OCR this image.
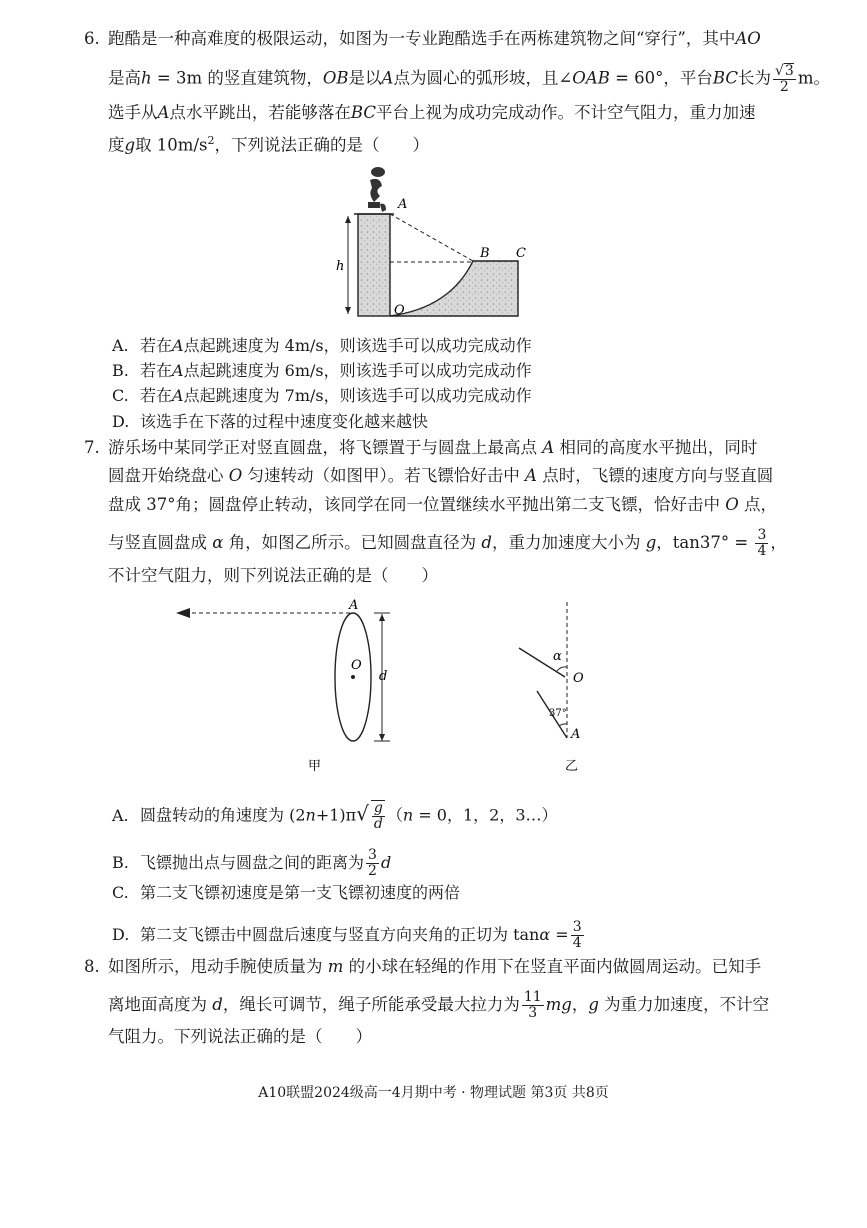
6. 跑酷是一种高难度的极限运动，如图为一专业跑酷选手在两栋建筑物之间“穿行”，其中AO
是高h = 3m 的竖直建筑物，OB是以A点为圆心的弧形坡，且∠OAB = 60°，平台BC长为 $\frac{√3}{2}$ m。
选手从A点水平跳出，若能够落在BC平台上视为成功完成动作。不计空气阻力，重力加速
度g取 $10m/s^2$，下列说法正确的是（　　）
A
B C
O
h
A. 若在A点起跳速度为 4m/s，则该选手可以成功完成动作
B. 若在A点起跳速度为 6m/s，则该选手可以成功完成动作
C. 若在A点起跳速度为 7m/s，则该选手可以成功完成动作
D. 该选手在下落的过程中速度变化越来越快
7. 游乐场中某同学正对竖直圆盘，将飞镖置于与圆盘上最高点 A 相同的高度水平抛出，同时
圆盘开始绕盘心 O 匀速转动（如图甲）。若飞镖恰好击中 A 点时，飞镖的速度方向与竖直圆
盘成 37°角；圆盘停止转动，该同学在同一位置继续水平抛出第二支飞镖，恰好击中 O 点，
与竖直圆盘成 α 角，如图乙所示。已知圆盘直径为 d，重力加速度大小为 g，$\tan 37^\circ = \frac{3}{4}$ ，
不计空气阻力，则下列说法正确的是（　　）
A
O
d
甲
α
O
37°
A
乙
A. 圆盘转动的角速度为 $(2n+1)\pi√ \frac{g}{d} (n = 0$，1，2，3…）
B. 飞镖抛出点与圆盘之间的距离为 $\frac{3}{2}$ d
C. 第二支飞镖初速度是第一支飞镖初速度的两倍
D. 第二支飞镖击中圆盘后速度与竖直方向夹角的正切为 $\tan\alpha = \frac{3}{4}$
8. 如图所示，甩动手腕使质量为 m 的小球在轻绳的作用下在竖直平面内做圆周运动。已知手
离地面高度为 d，绳长可调节，绳子所能承受最大拉力为 $\frac{11}{3}$ mg，g 为重力加速度，不计空
气阻力。下列说法正确的是（　　）
A10联盟2024级高一4月期中考 · 物理试题 第3页 共8页
